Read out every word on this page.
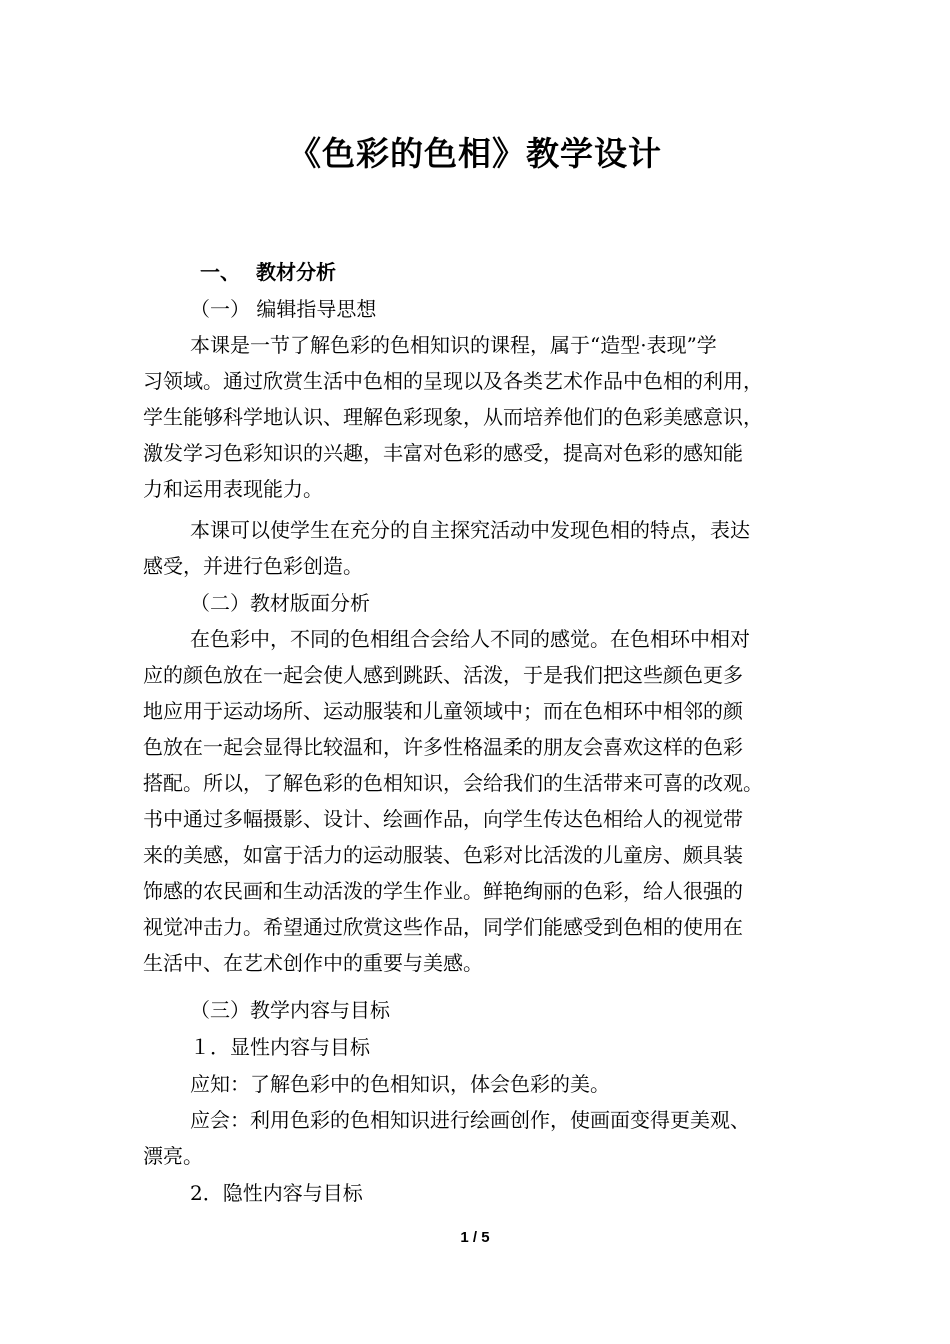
《色彩的色相》教学设计
一、 教材分析
（一） 编辑指导思想
本课是一节了解色彩的色相知识的课程，属于“造型·表现”学
习领域。通过欣赏生活中色相的呈现以及各类艺术作品中色相的利用，
学生能够科学地认识、理解色彩现象，从而培养他们的色彩美感意识，
激发学习色彩知识的兴趣，丰富对色彩的感受，提高对色彩的感知能
力和运用表现能力。
本课可以使学生在充分的自主探究活动中发现色相的特点，表达
感受，并进行色彩创造。
（二）教材版面分析
在色彩中，不同的色相组合会给人不同的感觉。在色相环中相对
应的颜色放在一起会使人感到跳跃、活泼，于是我们把这些颜色更多
地应用于运动场所、运动服装和儿童领域中；而在色相环中相邻的颜
色放在一起会显得比较温和，许多性格温柔的朋友会喜欢这样的色彩
搭配。所以，了解色彩的色相知识，会给我们的生活带来可喜的改观。
书中通过多幅摄影、设计、绘画作品，向学生传达色相给人的视觉带
来的美感，如富于活力的运动服装、色彩对比活泼的儿童房、颇具装
饰感的农民画和生动活泼的学生作业。鲜艳绚丽的色彩，给人很强的
视觉冲击力。希望通过欣赏这些作品，同学们能感受到色相的使用在
生活中、在艺术创作中的重要与美感。
（三）教学内容与目标
１．显性内容与目标
应知：了解色彩中的色相知识，体会色彩的美。
应会：利用色彩的色相知识进行绘画创作，使画面变得更美观、
漂亮。
2．隐性内容与目标
1 / 5
